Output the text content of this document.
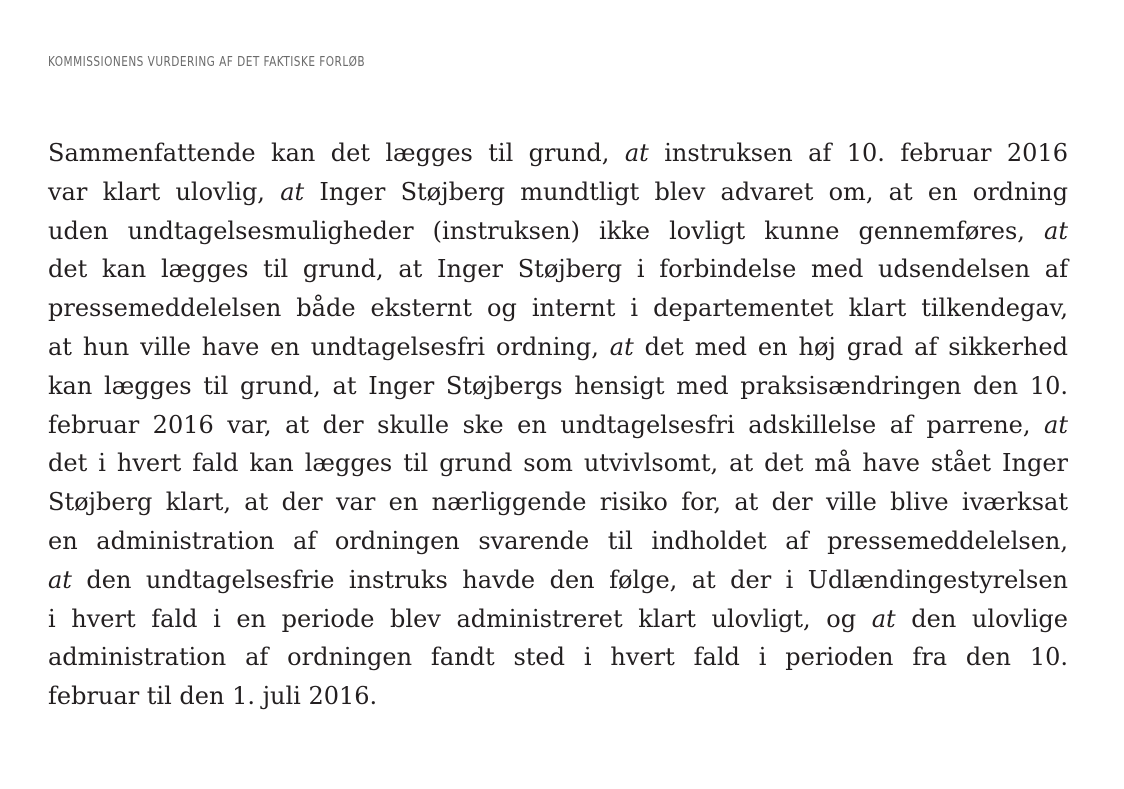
KOMMISSIONENS VURDERING AF DET FAKTISKE FORLØB
Sammenfattende kan det lægges til grund, at instruksen af 10. februar 2016
var klart ulovlig, at Inger Støjberg mundtligt blev advaret om, at en ordning
uden undtagelsesmuligheder (instruksen) ikke lovligt kunne gennemføres, at
det kan lægges til grund, at Inger Støjberg i forbindelse med udsendelsen af
pressemeddelelsen både eksternt og internt i departementet klart tilkendegav,
at hun ville have en undtagelsesfri ordning, at det med en høj grad af sikkerhed
kan lægges til grund, at Inger Støjbergs hensigt med praksisændringen den 10.
februar 2016 var, at der skulle ske en undtagelsesfri adskillelse af parrene, at
det i hvert fald kan lægges til grund som utvivlsomt, at det må have stået Inger
Støjberg klart, at der var en nærliggende risiko for, at der ville blive iværksat
en administration af ordningen svarende til indholdet af pressemeddelelsen,
at den undtagelsesfrie instruks havde den følge, at der i Udlændingestyrelsen
i hvert fald i en periode blev administreret klart ulovligt, og at den ulovlige
administration af ordningen fandt sted i hvert fald i perioden fra den 10.
februar til den 1. juli 2016.
